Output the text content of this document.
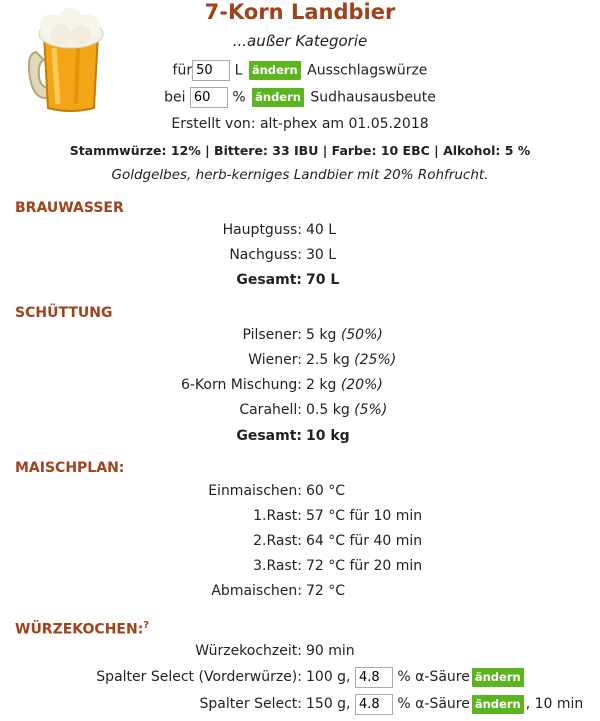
7-Korn Landbier
...außer Kategorie
für50	L ändern Ausschlagswürze
bei 60	% ändern Sudhausausbeute
Erstellt von: alt-phex am 01.05.2018
Stammwürze: 12% | Bittere: 33 IBU | Farbe: 10 EBC | Alkohol: 5 %
Goldgelbes, herb-kerniges Landbier mit 20% Rohfrucht.
BRAUWASSER
Hauptguss: 40 L
Nachguss: 30 L
Gesamt: 70 L
SCHÜTTUNG
Pilsener: 5 kg (50%)
Wiener: 2.5 kg (25%)
6-Korn Mischung: 2 kg (20%)
Carahell: 0.5 kg (5%)
Gesamt: 10 kg
MAISCHPLAN:
Einmaischen: 60 °C
1.Rast: 57 °C für 10 min
2.Rast: 64 °C für 40 min
3.Rast: 72 °C für 20 min
Abmaischen: 72 °C
WÜRZEKOCHEN:?
Würzekochzeit: 90 min
Spalter Select (Vorderwürze): 100 g, 4.8	% α-Säure ändern
Spalter Select: 150 g, 4.8	% α-Säure ändern , 10 min
